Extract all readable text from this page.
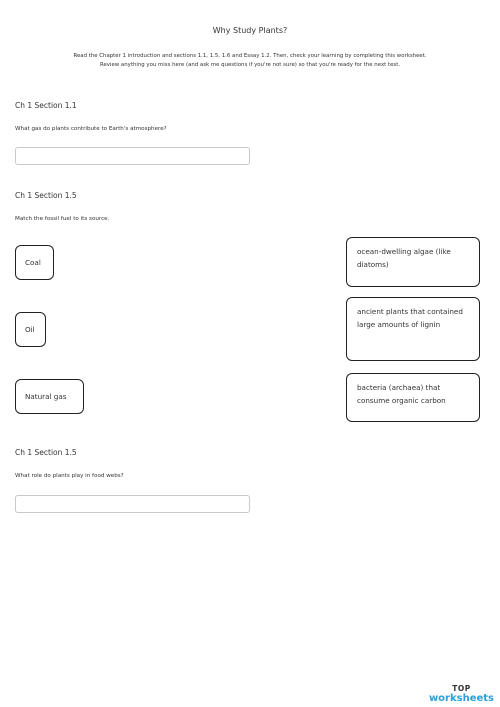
Why Study Plants?
Read the Chapter 1 introduction and sections 1.1, 1.5, 1.6 and Essay 1.2. Then, check your learning by completing this worksheet.
Review anything you miss here (and ask me questions if you're not sure) so that you're ready for the next test.
Ch 1 Section 1.1
What gas do plants contribute to Earth's atmosphere?
Ch 1 Section 1.5
Match the fossil fuel to its source.
Coal
Oil
Natural gas
ocean-dwelling algae (like diatoms)
ancient plants that contained large amounts of lignin
bacteria (archaea) that consume organic carbon
Ch 1 Section 1.5
What role do plants play in food webs?
TOP
worksheets
